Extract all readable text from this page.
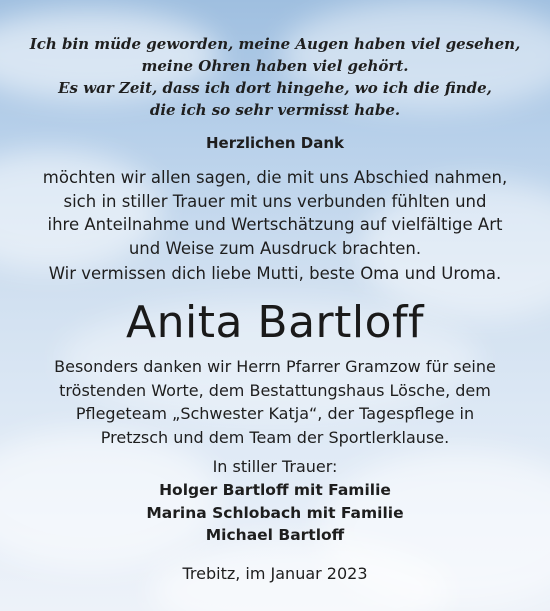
Ich bin müde geworden, meine Augen haben viel gesehen,
meine Ohren haben viel gehört.
Es war Zeit, dass ich dort hingehe, wo ich die finde,
die ich so sehr vermisst habe.
Herzlichen Dank
möchten wir allen sagen, die mit uns Abschied nahmen,
sich in stiller Trauer mit uns verbunden fühlten und
ihre Anteilnahme und Wertschätzung auf vielfältige Art
und Weise zum Ausdruck brachten.
Wir vermissen dich liebe Mutti, beste Oma und Uroma.
Anita Bartloff
Besonders danken wir Herrn Pfarrer Gramzow für seine
tröstenden Worte, dem Bestattungshaus Lösche, dem
Pflegeteam „Schwester Katja“, der Tagespflege in
Pretzsch und dem Team der Sportlerklause.
In stiller Trauer:
Holger Bartloff mit Familie
Marina Schlobach mit Familie
Michael Bartloff
Trebitz, im Januar 2023
